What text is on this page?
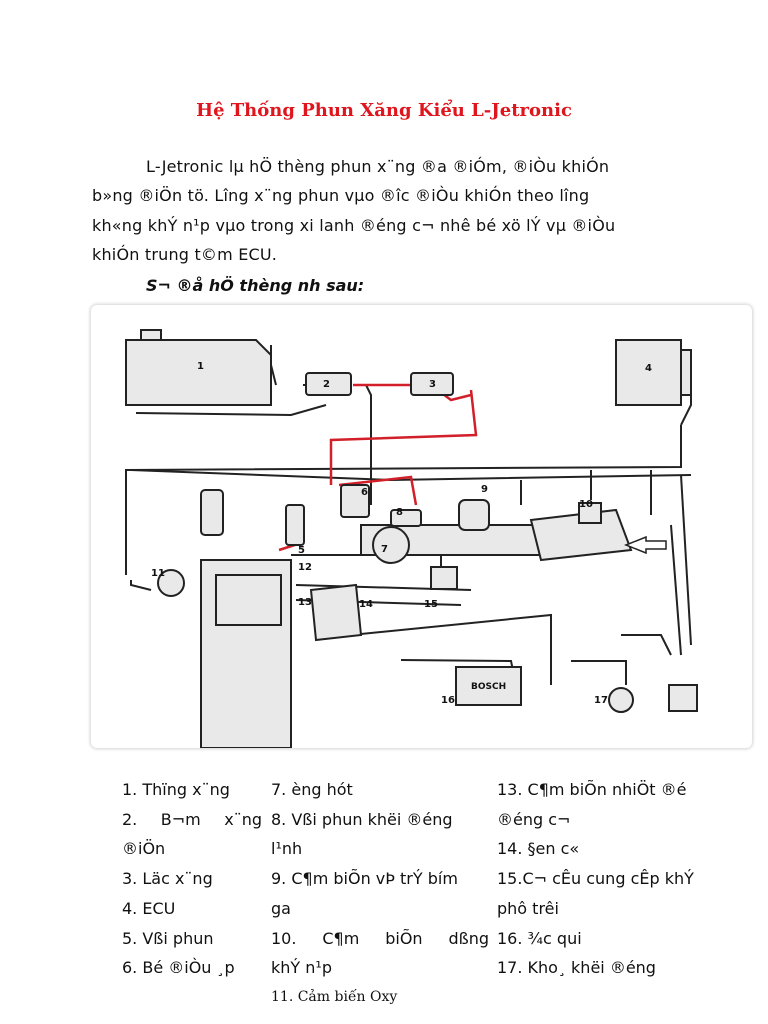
Hệ Thống Phun Xăng Kiểu L-Jetronic
L-Jetronic lµ hÖ thèng phun x¨ng ®a ®iÓm, ®iÒu khiÓn
b»ng ®iÖn tö. Lîng x¨ng phun vµo ®îc ®iÒu khiÓn theo lîng
kh«ng khÝ n¹p vµo trong xi lanh ®éng c¬ nhê bé xö lÝ vµ ®iÒu
khiÓn trung t©m ECU.
S¬ ®å hÖ thèng nh sau:
1
2	3
4
5
6
7
8
9
10
11
12
13	14	15
16	17
BOSCH
1. Thïng x¨ng
2. B¬m x¨ng
®iÖn
3. Läc x¨ng
4. ECU
5. Vßi phun
6. Bé ®iÒu ¸p
7. èng hót
8. Vßi phun khëi ®éng
l¹nh
9. C¶m biÕn vÞ trÝ bím
ga
10. C¶m biÕn dßng
khÝ n¹p
11. Cảm biến Oxy
13. C¶m biÕn nhiÖt ®é
®éng c¬
14. §en c«
15.C¬ cÊu cung cÊp khÝ
phô trêi
16. ¾c qui
17. Kho¸ khëi ®éng
